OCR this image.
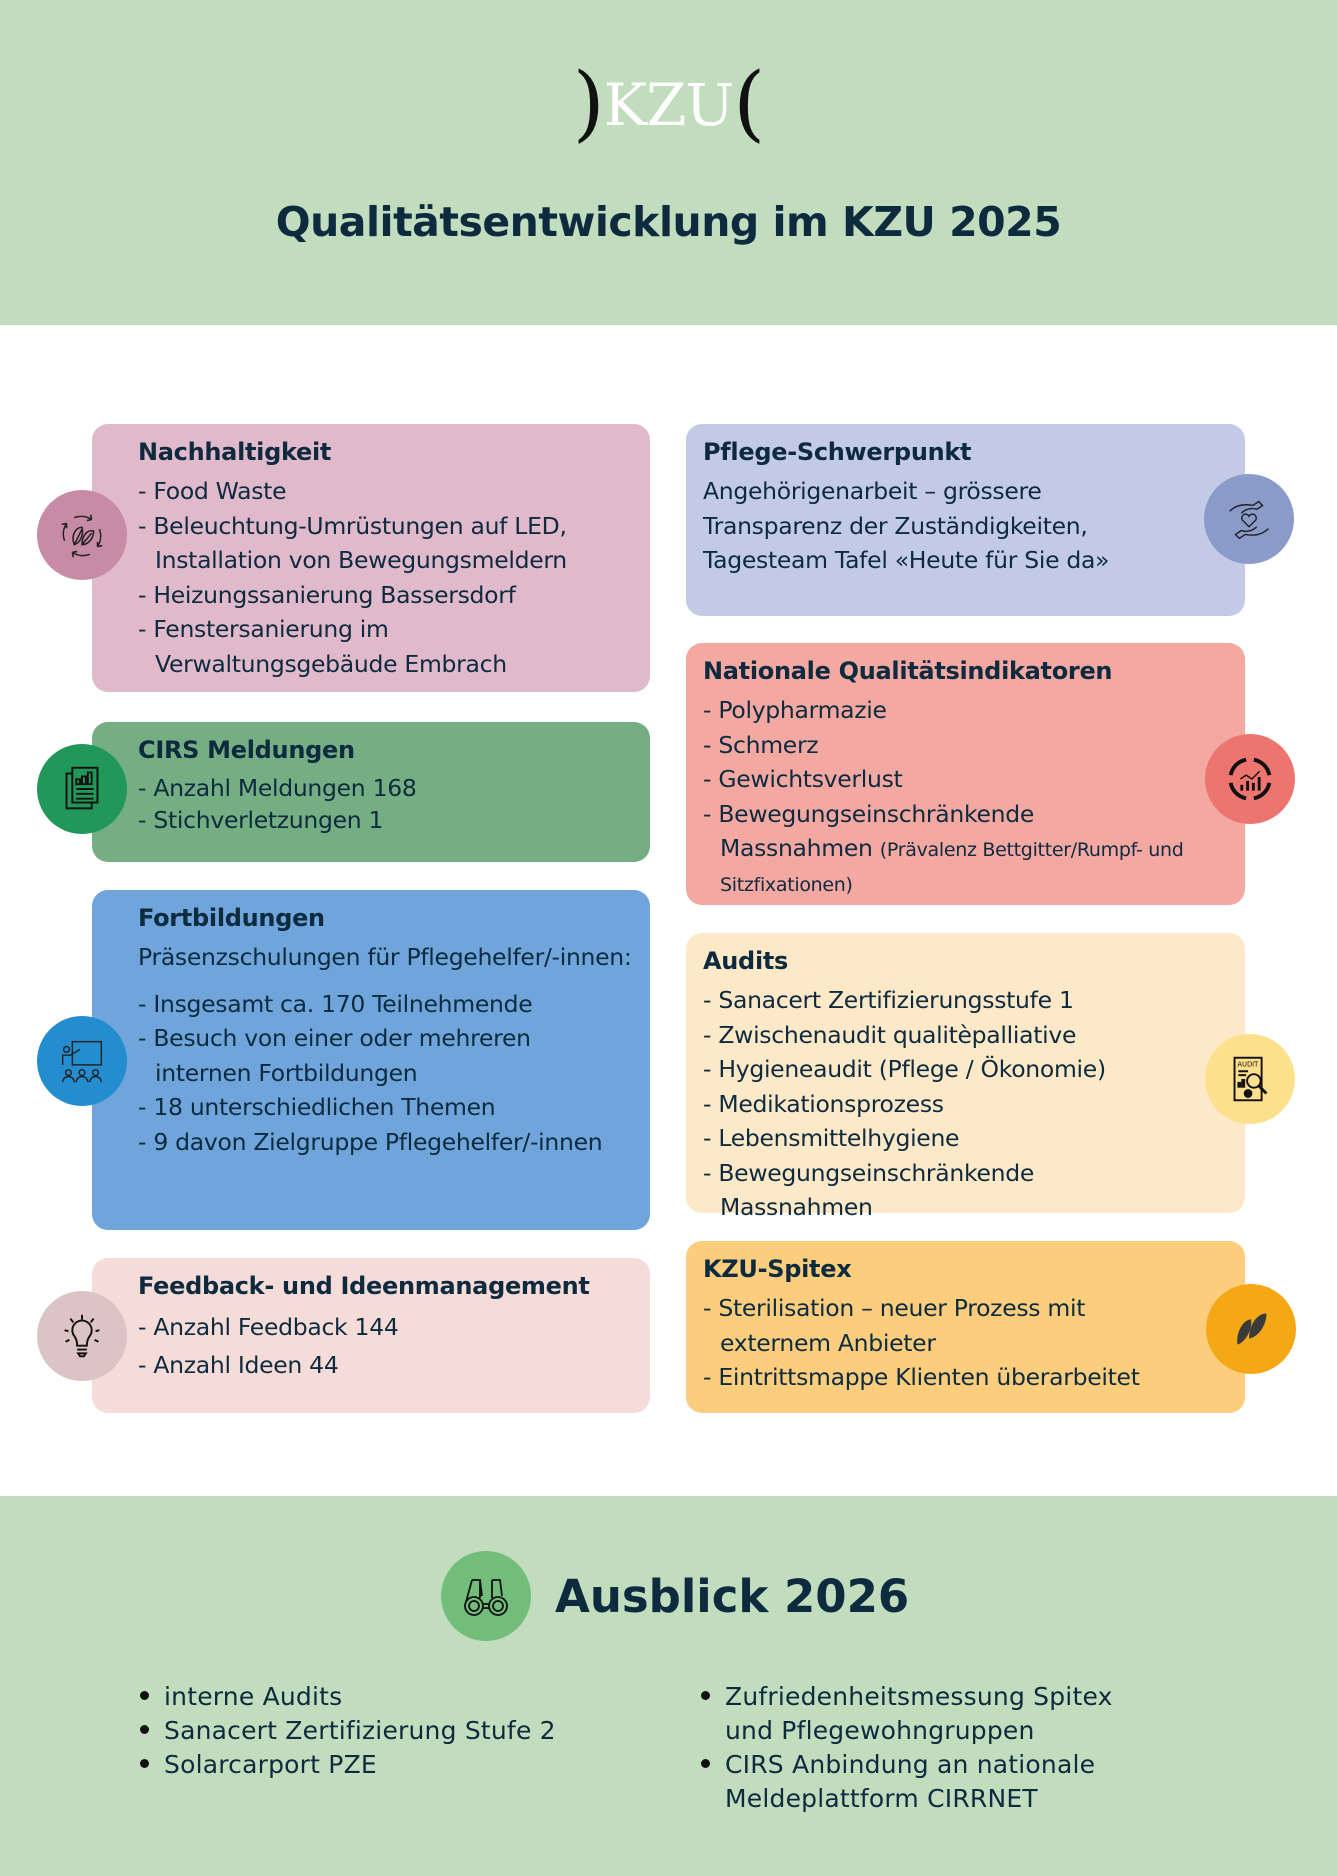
)KZU(
Qualitätsentwicklung im KZU 2025
Nachhaltigkeit
- Food Waste
- Beleuchtung-Umrüstungen auf LED, Installation von Bewegungsmeldern
- Heizungssanierung Bassersdorf
- Fenstersanierung im Verwaltungsgebäude Embrach
CIRS Meldungen
- Anzahl Meldungen 168
- Stichverletzungen 1
Fortbildungen

Präsenzschulungen für Pflegehelfer/-innen:

- Insgesamt ca. 170 Teilnehmende
- Besuch von einer oder mehreren internen Fortbildungen
- 18 unterschiedlichen Themen
- 9 davon Zielgruppe Pflegehelfer/-innen
Feedback- und Ideenmanagement
- Anzahl Feedback 144
- Anzahl Ideen 44
Pflege-Schwerpunkt

Angehörigenarbeit – grössere Transparenz der Zuständigkeiten, Tagesteam Tafel «Heute für Sie da»

Nationale Qualitätsindikatoren
- Polypharmazie
- Schmerz
- Gewichtsverlust
- Bewegungseinschränkende Massnahmen (Prävalenz Bettgitter/Rumpf- und Sitzfixationen)
Audits
- Sanacert Zertifizierungsstufe 1
- Zwischenaudit qualitèpalliative
- Hygieneaudit (Pflege / Ökonomie)
- Medikationsprozess
- Lebensmittelhygiene
- Bewegungseinschränkende Massnahmen
AUDIT
KZU-Spitex
- Sterilisation – neuer Prozess mit externem Anbieter
- Eintrittsmappe Klienten überarbeitet
Ausblick 2026
interne Audits
Sanacert Zertifizierung Stufe 2
Solarcarport PZE
Zufriedenheitsmessung Spitex und Pflegewohngruppen
CIRS Anbindung an nationale Meldeplattform CIRRNET
